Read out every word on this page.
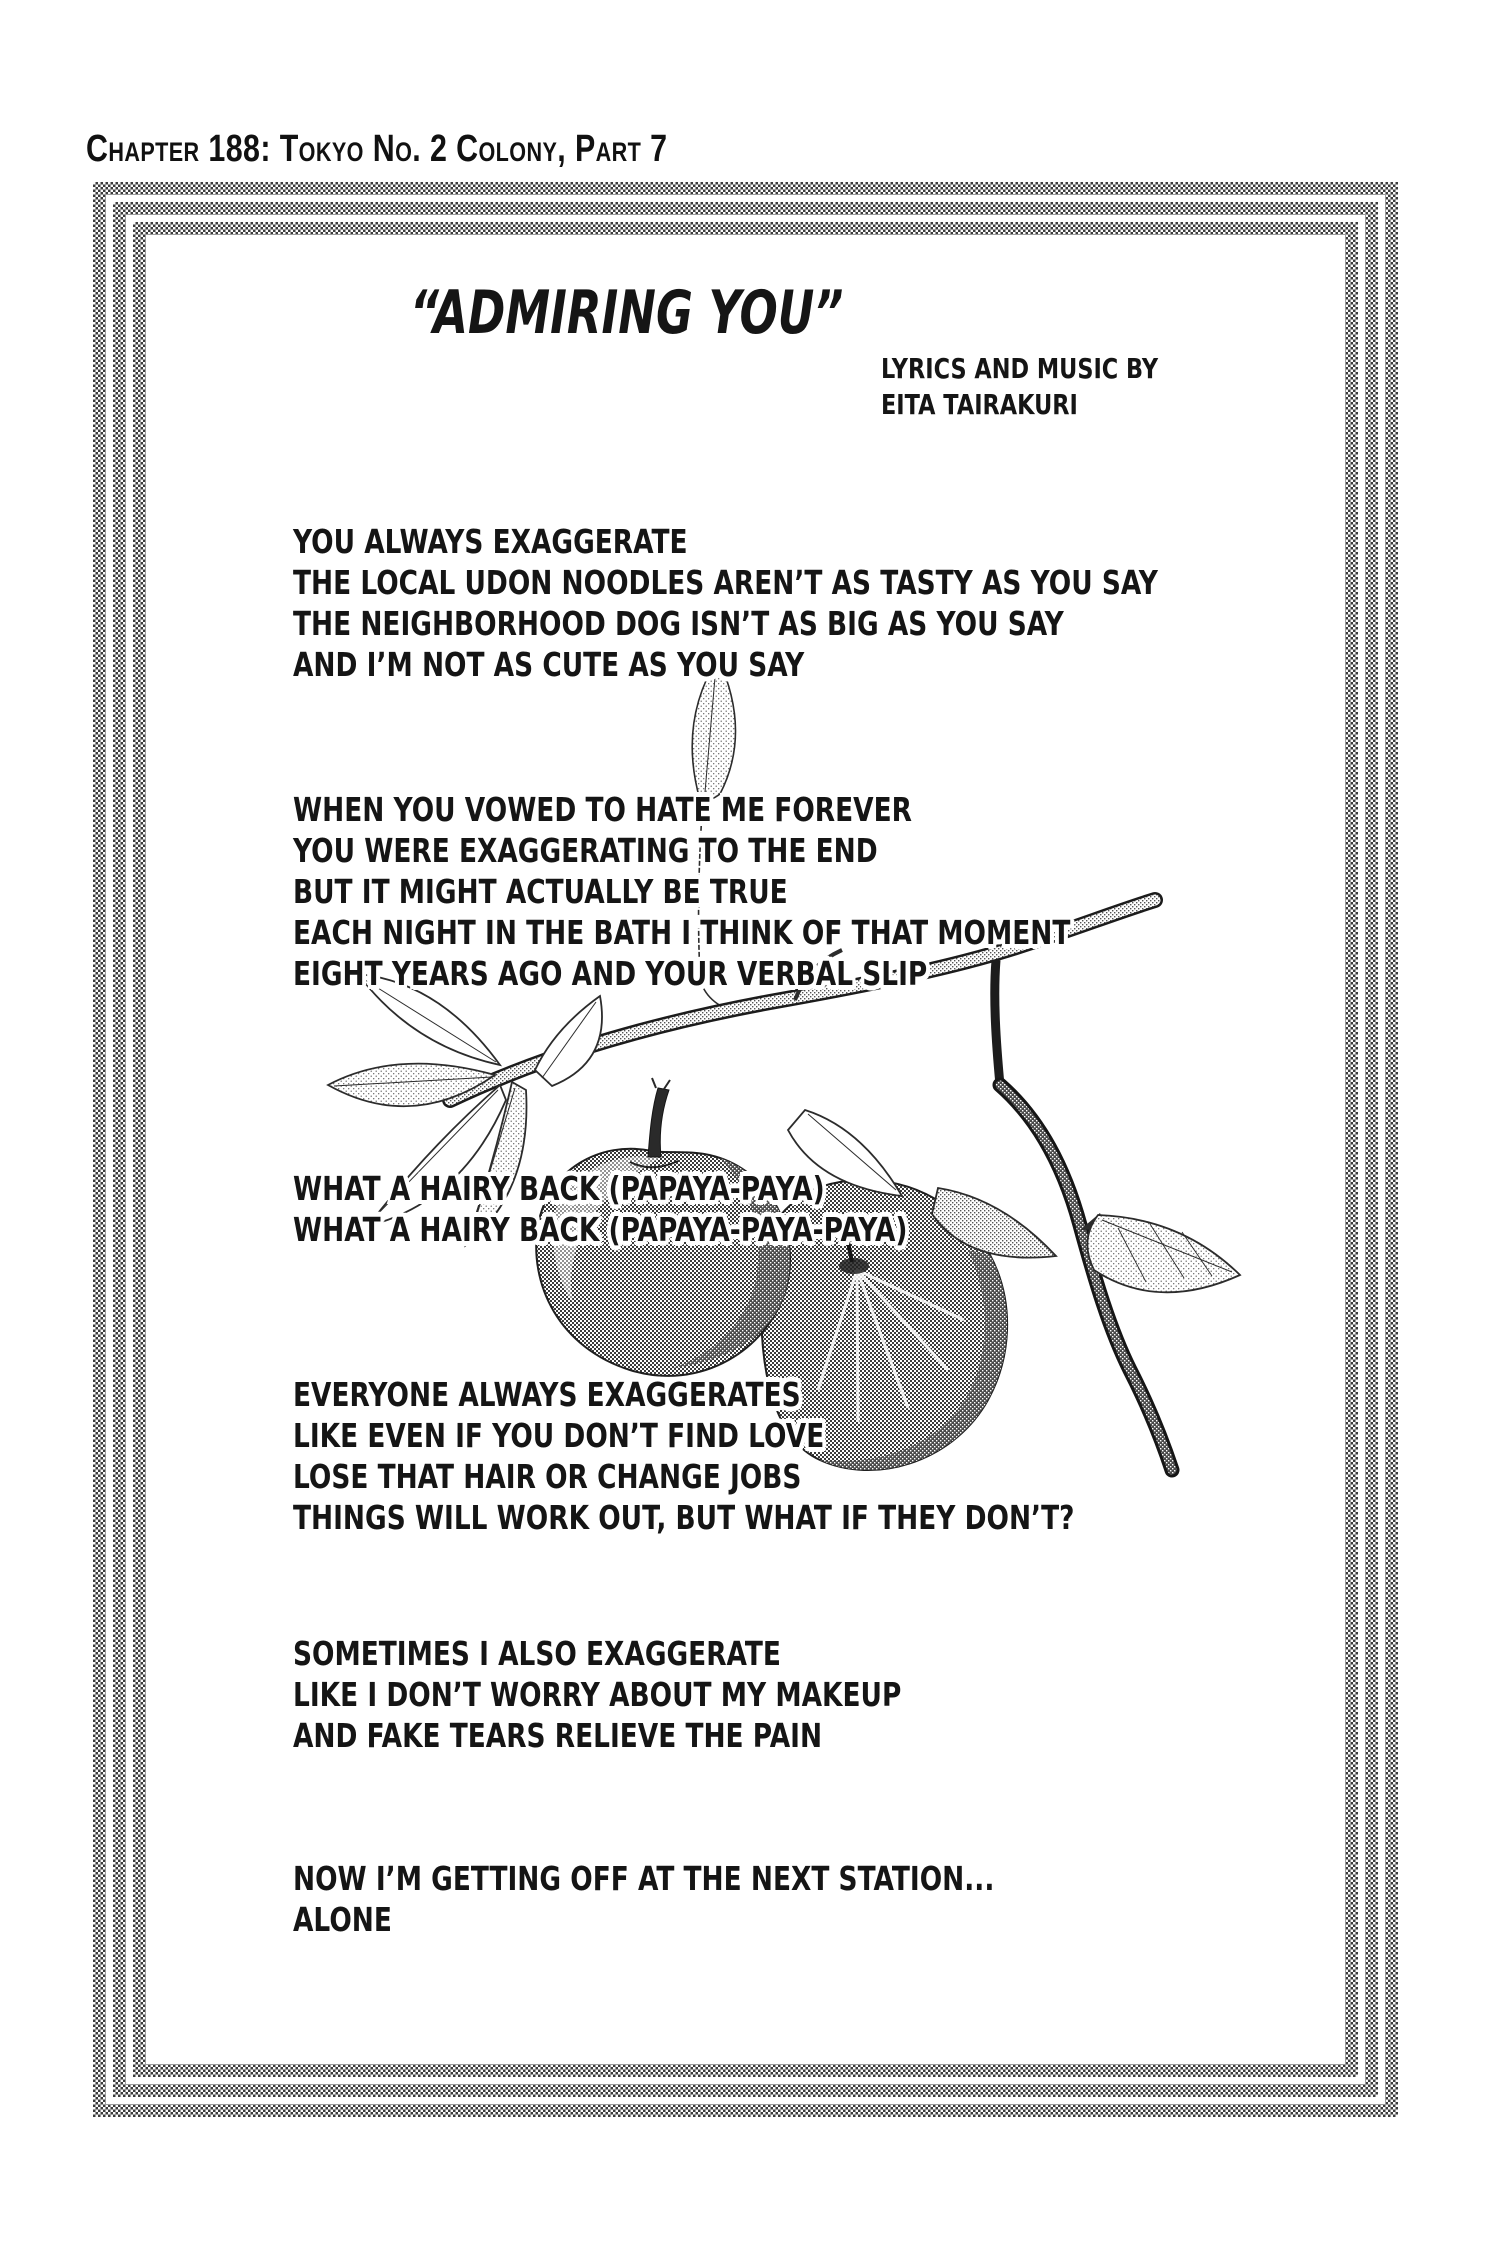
Chapter 188: Tokyo No. 2 Colony, Part 7
“ADMIRING YOU”
LYRICS AND MUSIC BY
EITA TAIRAKURI
YOU ALWAYS EXAGGERATE
THE LOCAL UDON NOODLES AREN’T AS TASTY AS YOU SAY
THE NEIGHBORHOOD DOG ISN’T AS BIG AS YOU SAY
AND I’M NOT AS CUTE AS YOU SAY
WHEN YOU VOWED TO HATE ME FOREVER
YOU WERE EXAGGERATING TO THE END
BUT IT MIGHT ACTUALLY BE TRUE
EACH NIGHT IN THE BATH I THINK OF THAT MOMENT
EIGHT YEARS AGO AND YOUR VERBAL SLIP
WHAT A HAIRY BACK (PAPAYA-PAYA)
WHAT A HAIRY BACK (PAPAYA-PAYA-PAYA)
EVERYONE ALWAYS EXAGGERATES
LIKE EVEN IF YOU DON’T FIND LOVE
LOSE THAT HAIR OR CHANGE JOBS
THINGS WILL WORK OUT, BUT WHAT IF THEY DON’T?
SOMETIMES I ALSO EXAGGERATE
LIKE I DON’T WORRY ABOUT MY MAKEUP
AND FAKE TEARS RELIEVE THE PAIN
NOW I’M GETTING OFF AT THE NEXT STATION...
ALONE
